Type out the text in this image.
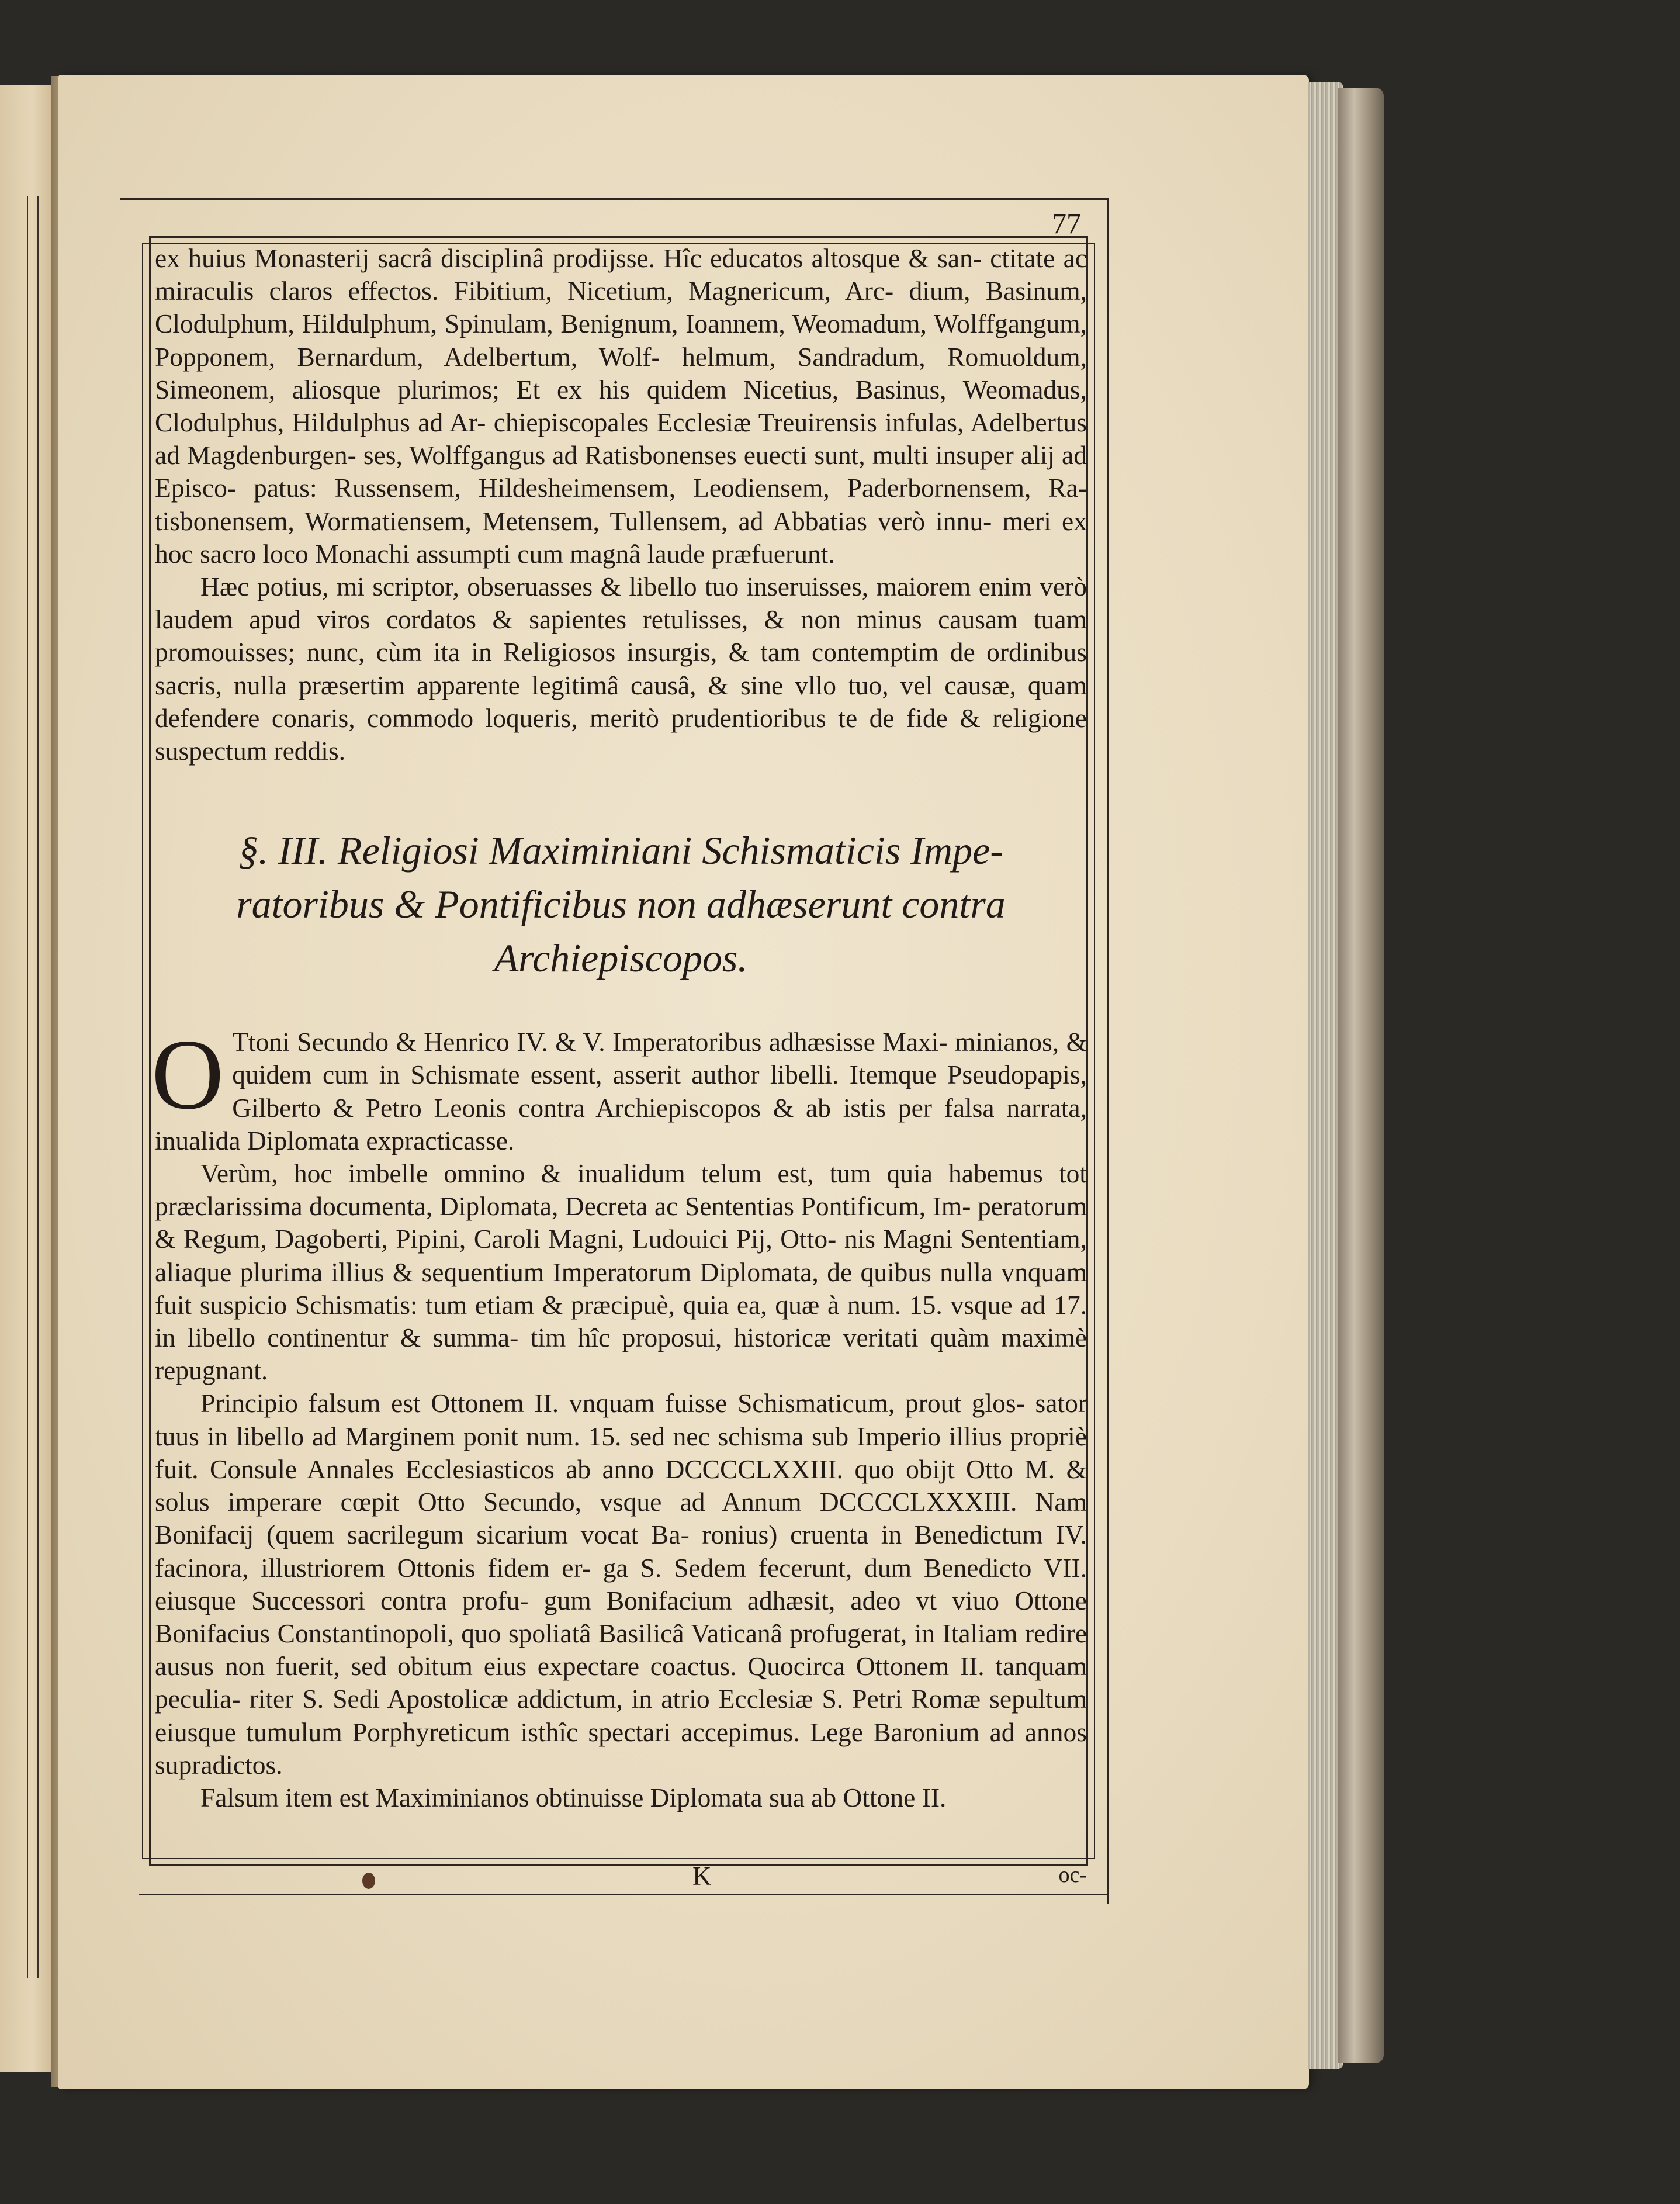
77

ex huius Monasterij sacrâ disciplinâ prodijsse. Hîc educatos altosque & san- ctitate ac miraculis claros effectos. Fibitium, Nicetium, Magnericum, Arc- dium, Basinum, Clodulphum, Hildulphum, Spinulam, Benignum, Ioannem, Weomadum, Wolffgangum, Popponem, Bernardum, Adelbertum, Wolf- helmum, Sandradum, Romuoldum, Simeonem, aliosque plurimos; Et ex his quidem Nicetius, Basinus, Weomadus, Clodulphus, Hildulphus ad Ar- chiepiscopales Ecclesiæ Treuirensis infulas, Adelbertus ad Magdenburgen- ses, Wolffgangus ad Ratisbonenses euecti sunt, multi insuper alij ad Episco- patus: Russensem, Hildesheimensem, Leodiensem, Paderbornensem, Ra- tisbonensem, Wormatiensem, Metensem, Tullensem, ad Abbatias verò innu- meri ex hoc sacro loco Monachi assumpti cum magnâ laude præfuerunt.

Hæc potius, mi scriptor, obseruasses & libello tuo inseruisses, maiorem enim verò laudem apud viros cordatos & sapientes retulisses, & non minus causam tuam promouisses; nunc, cùm ita in Religiosos insurgis, & tam contemptim de ordinibus sacris, nulla præsertim apparente legitimâ causâ, & sine vllo tuo, vel causæ, quam defendere conaris, commodo loqueris, meritò prudentioribus te de fide & religione suspectum reddis.

§. III. Religiosi Maximiniani Schismaticis Impe-
ratoribus & Pontificibus non adhæserunt contra
Archiepiscopos.

O Ttoni Secundo & Henrico IV. & V. Imperatoribus adhæsisse Maxi- minianos, & quidem cum in Schismate essent, asserit author libelli. Itemque Pseudopapis, Gilberto & Petro Leonis contra Archiepiscopos & ab istis per falsa narrata, inualida Diplomata expracticasse.

Verùm, hoc imbelle omnino & inualidum telum est, tum quia habemus tot præclarissima documenta, Diplomata, Decreta ac Sententias Pontificum, Im- peratorum & Regum, Dagoberti, Pipini, Caroli Magni, Ludouici Pij, Otto- nis Magni Sententiam, aliaque plurima illius & sequentium Imperatorum Diplomata, de quibus nulla vnquam fuit suspicio Schismatis: tum etiam & præcipuè, quia ea, quæ à num. 15. vsque ad 17. in libello continentur & summa- tim hîc proposui, historicæ veritati quàm maximè repugnant.

Principio falsum est Ottonem II. vnquam fuisse Schismaticum, prout glos- sator tuus in libello ad Marginem ponit num. 15. sed nec schisma sub Imperio illius propriè fuit. Consule Annales Ecclesiasticos ab anno DCCCCLXXIII. quo obijt Otto M. & solus imperare cœpit Otto Secundo, vsque ad Annum DCCCCLXXXIII. Nam Bonifacij (quem sacrilegum sicarium vocat Ba- ronius) cruenta in Benedictum IV. facinora, illustriorem Ottonis fidem er- ga S. Sedem fecerunt, dum Benedicto VII. eiusque Successori contra profu- gum Bonifacium adhæsit, adeo vt viuo Ottone Bonifacius Constantinopoli, quo spoliatâ Basilicâ Vaticanâ profugerat, in Italiam redire ausus non fuerit, sed obitum eius expectare coactus. Quocirca Ottonem II. tanquam peculia- riter S. Sedi Apostolicæ addictum, in atrio Ecclesiæ S. Petri Romæ sepultum eiusque tumulum Porphyreticum isthîc spectari accepimus. Lege Baronium ad annos supradictos.

Falsum item est Maximinianos obtinuisse Diplomata sua ab Ottone II.

K	oc-
